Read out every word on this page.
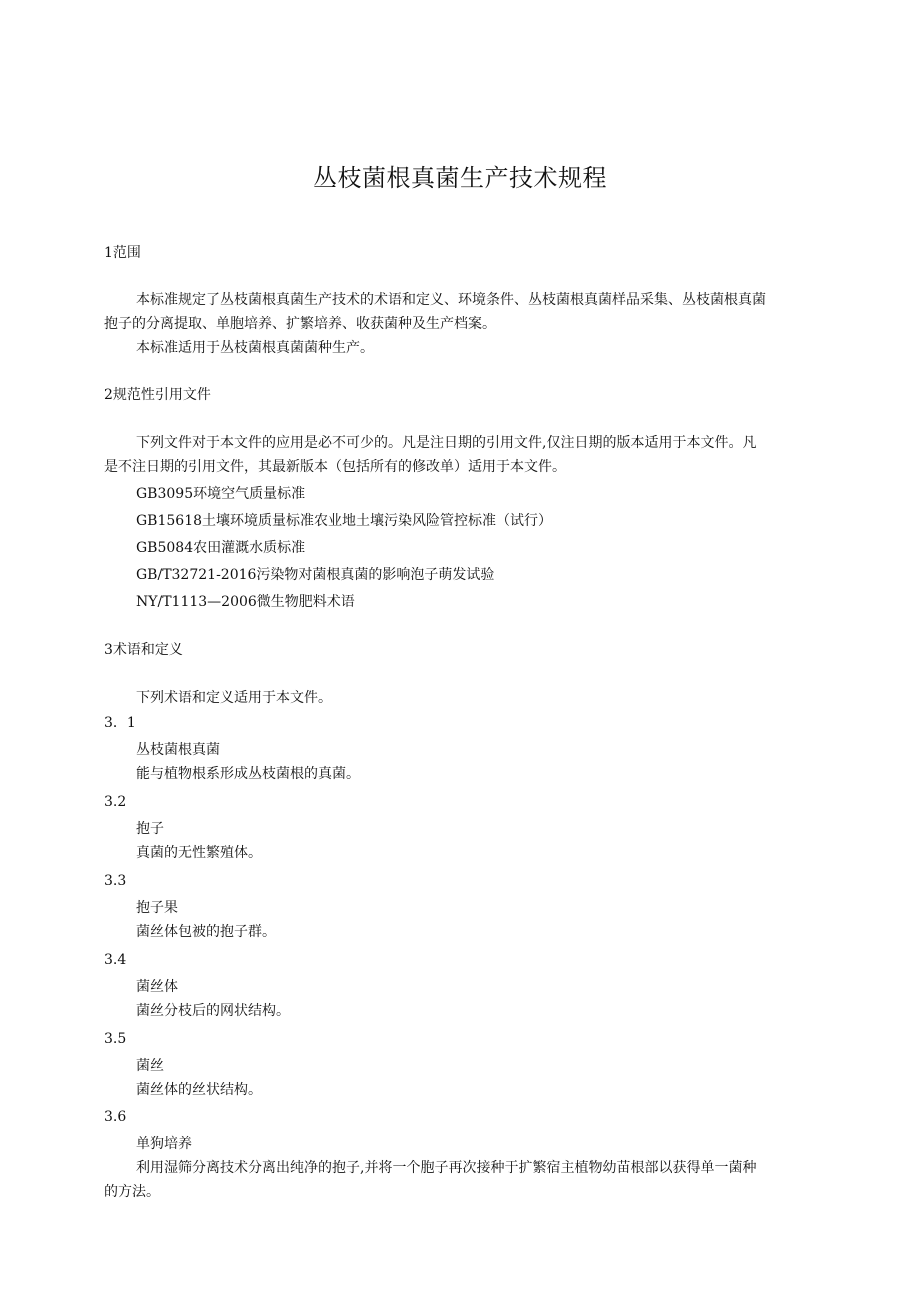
丛枝菌根真菌生产技术规程
1范围
本标准规定了丛枝菌根真菌生产技术的术语和定义、环境条件、丛枝菌根真菌样品采集、丛枝菌根真菌
抱子的分离提取、单胞培养、扩繁培养、收获菌种及生产档案。
本标准适用于丛枝菌根真菌菌种生产。
2规范性引用文件
下列文件对于本文件的应用是必不可少的。凡是注日期的引用文件,仅注日期的版本适用于本文件。凡
是不注日期的引用文件，其最新版本（包括所有的修改单）适用于本文件。
GB3095环境空气质量标准
GB15618土壤环境质量标准农业地土壤污染风险管控标准（试行）
GB5084农田灌溉水质标准
GB/T32721-2016污染物对菌根真菌的影响泡子萌发试验
NY/T1113—2006微生物肥料术语
3术语和定义
下列术语和定义适用于本文件。
3．1
丛枝菌根真菌
能与植物根系形成丛枝菌根的真菌。
3.2
抱子
真菌的无性繁殖体。
3.3
抱子果
菌丝体包被的抱子群。
3.4
菌丝体
菌丝分枝后的网状结构。
3.5
菌丝
菌丝体的丝状结构。
3.6
单狗培养
利用湿筛分离技术分离出纯净的抱子,并将一个胞子再次接种于扩繁宿主植物幼苗根部以获得单一菌种
的方法。
